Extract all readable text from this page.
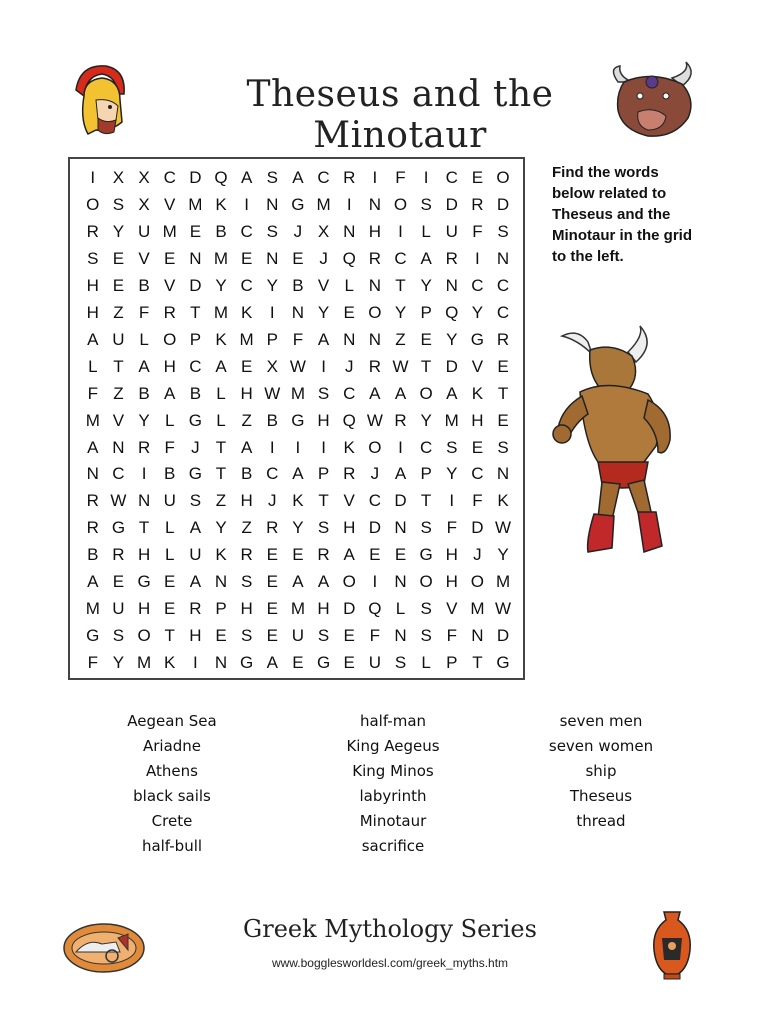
Theseus and the Minotaur
I	X X C D Q A S A C R	I	F	I	C E O
O S X V M K	I	N G M I	N O S D R D
R Y U M E B C S J X N H	I	L U F S
S E V E N M E N E J Q R C A R	I	N
H E B V D Y C Y B V L N T Y N C C
H Z F R T M K	I	N Y E O Y P Q Y C
A U L O P K M P F A N N Z E Y G R
L T A H C A E X W I	J R W T D V E
F Z B A B L H W M S C A A O A K T
M V Y L G L Z B G H Q W R Y M H E
A N R F J T A	I	I	I	K O I	C S E S
N C	I	B G T B C A P R J A P Y C N
R W N U S Z H J K T V C D T	I	F K
R G T L A Y Z R Y S H D N S F D W
B R H L U K R E E R A E E G H J Y
A E G E A N S E A A O I	N O H O M
M U H E R P H E M H D Q L S V M W
G S O T H E S E U S E F N S F N D
F Y M K	I	N G A E G E U S L P T G
Find the words below related to Theseus and the Minotaur in the grid to the left.
Aegean Sea
Ariadne
Athens
black sails
Crete
half-bull
half-man
King Aegeus
King Minos
labyrinth
Minotaur
sacrifice
seven men
seven women
ship
Theseus
thread
Greek Mythology Series
www.bogglesworldesl.com/greek_myths.htm
